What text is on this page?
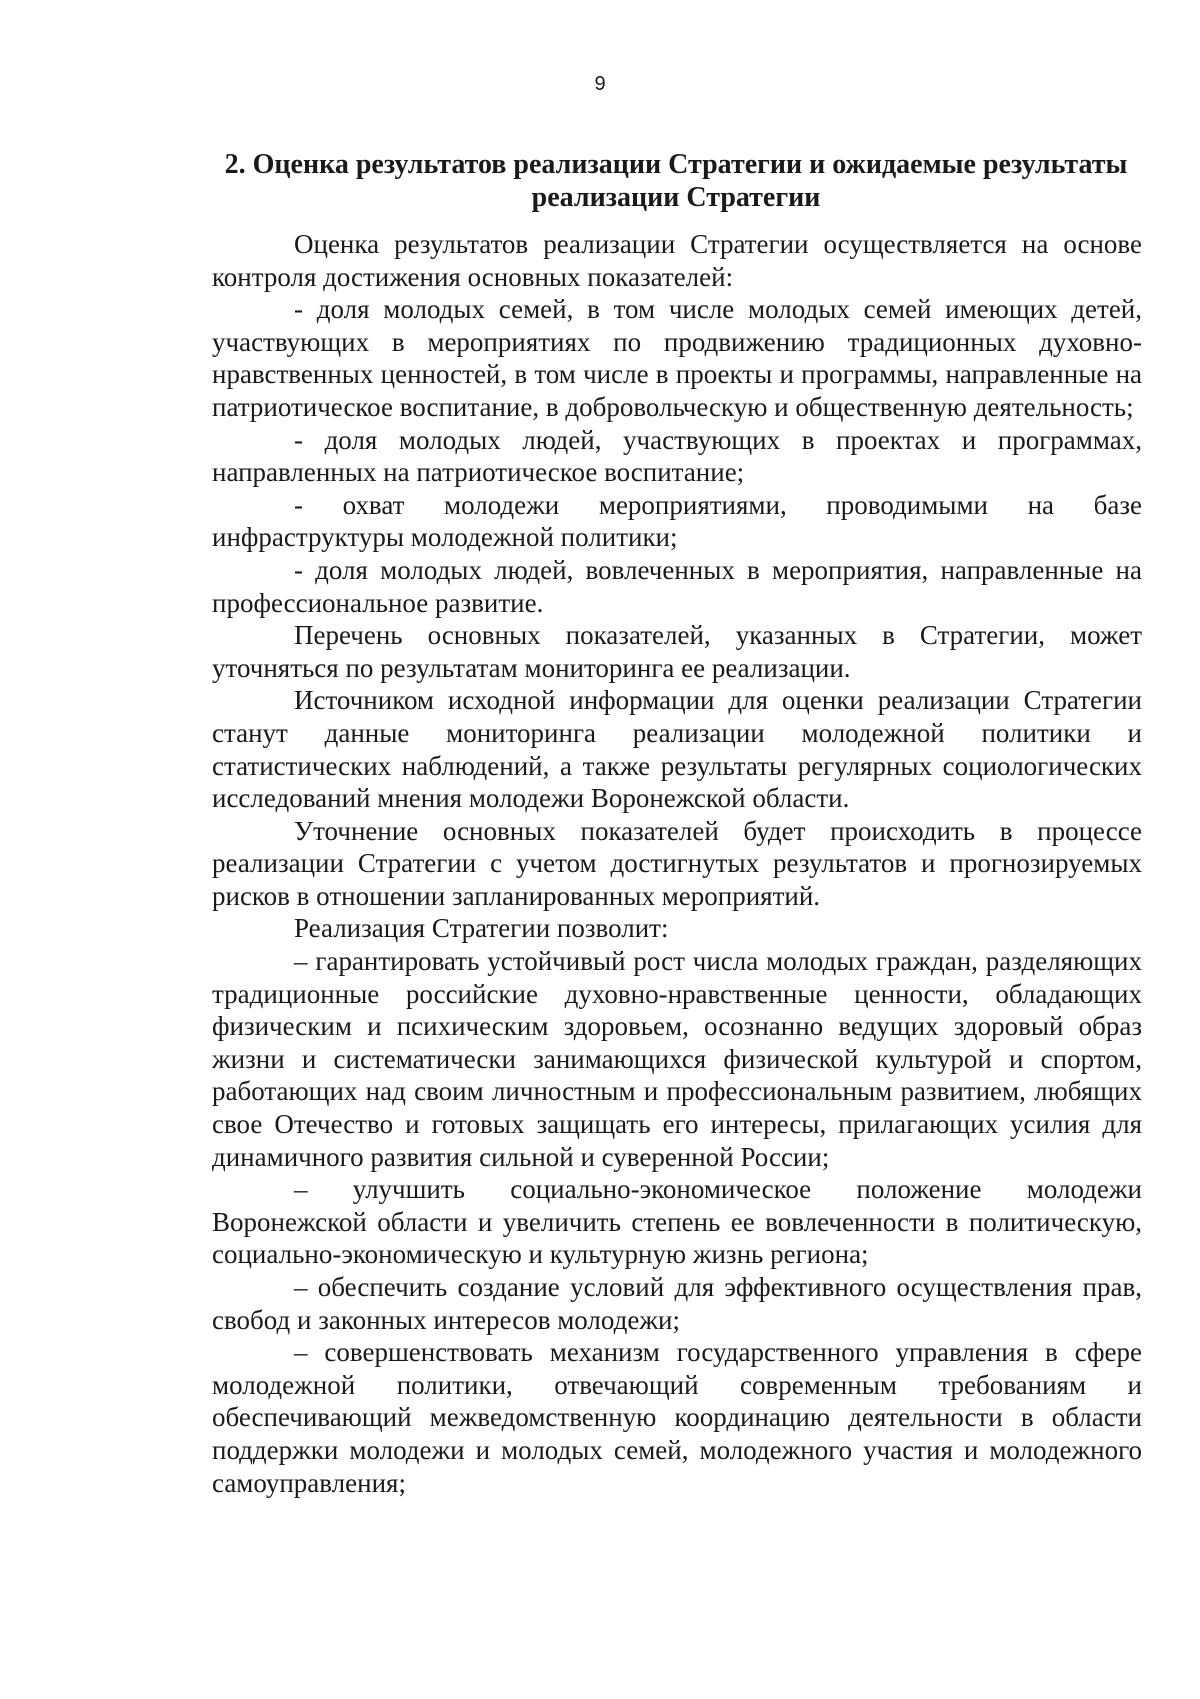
9
2. Оценка результатов реализации Стратегии и ожидаемые результаты реализации Стратегии

Оценка результатов реализации Стратегии осуществляется на основе контроля достижения основных показателей:

- доля молодых семей, в том числе молодых семей имеющих детей, участвующих в мероприятиях по продвижению традиционных духовно-нравственных ценностей, в том числе в проекты и программы, направленные на патриотическое воспитание, в добровольческую и общественную деятельность;

- доля молодых людей, участвующих в проектах и программах, направленных на патриотическое воспитание;

- охват молодежи мероприятиями, проводимыми на базе инфраструктуры молодежной политики;

- доля молодых людей, вовлеченных в мероприятия, направленные на профессиональное развитие.

Перечень основных показателей, указанных в Стратегии, может уточняться по результатам мониторинга ее реализации.

Источником исходной информации для оценки реализации Стратегии станут данные мониторинга реализации молодежной политики и статистических наблюдений, а также результаты регулярных социологических исследований мнения молодежи Воронежской области.

Уточнение основных показателей будет происходить в процессе реализации Стратегии с учетом достигнутых результатов и прогнозируемых рисков в отношении запланированных мероприятий.

Реализация Стратегии позволит:

– гарантировать устойчивый рост числа молодых граждан, разделяющих традиционные российские духовно-нравственные ценности, обладающих физическим и психическим здоровьем, осознанно ведущих здоровый образ жизни и систематически занимающихся физической культурой и спортом, работающих над своим личностным и профессиональным развитием, любящих свое Отечество и готовых защищать его интересы, прилагающих усилия для динамичного развития сильной и суверенной России;

– улучшить социально-экономическое положение молодежи Воронежской области и увеличить степень ее вовлеченности в политическую, социально-экономическую и культурную жизнь региона;

– обеспечить создание условий для эффективного осуществления прав, свобод и законных интересов молодежи;

– совершенствовать механизм государственного управления в сфере молодежной политики, отвечающий современным требованиям и обеспечивающий межведомственную координацию деятельности в области поддержки молодежи и молодых семей, молодежного участия и молодежного самоуправления;
